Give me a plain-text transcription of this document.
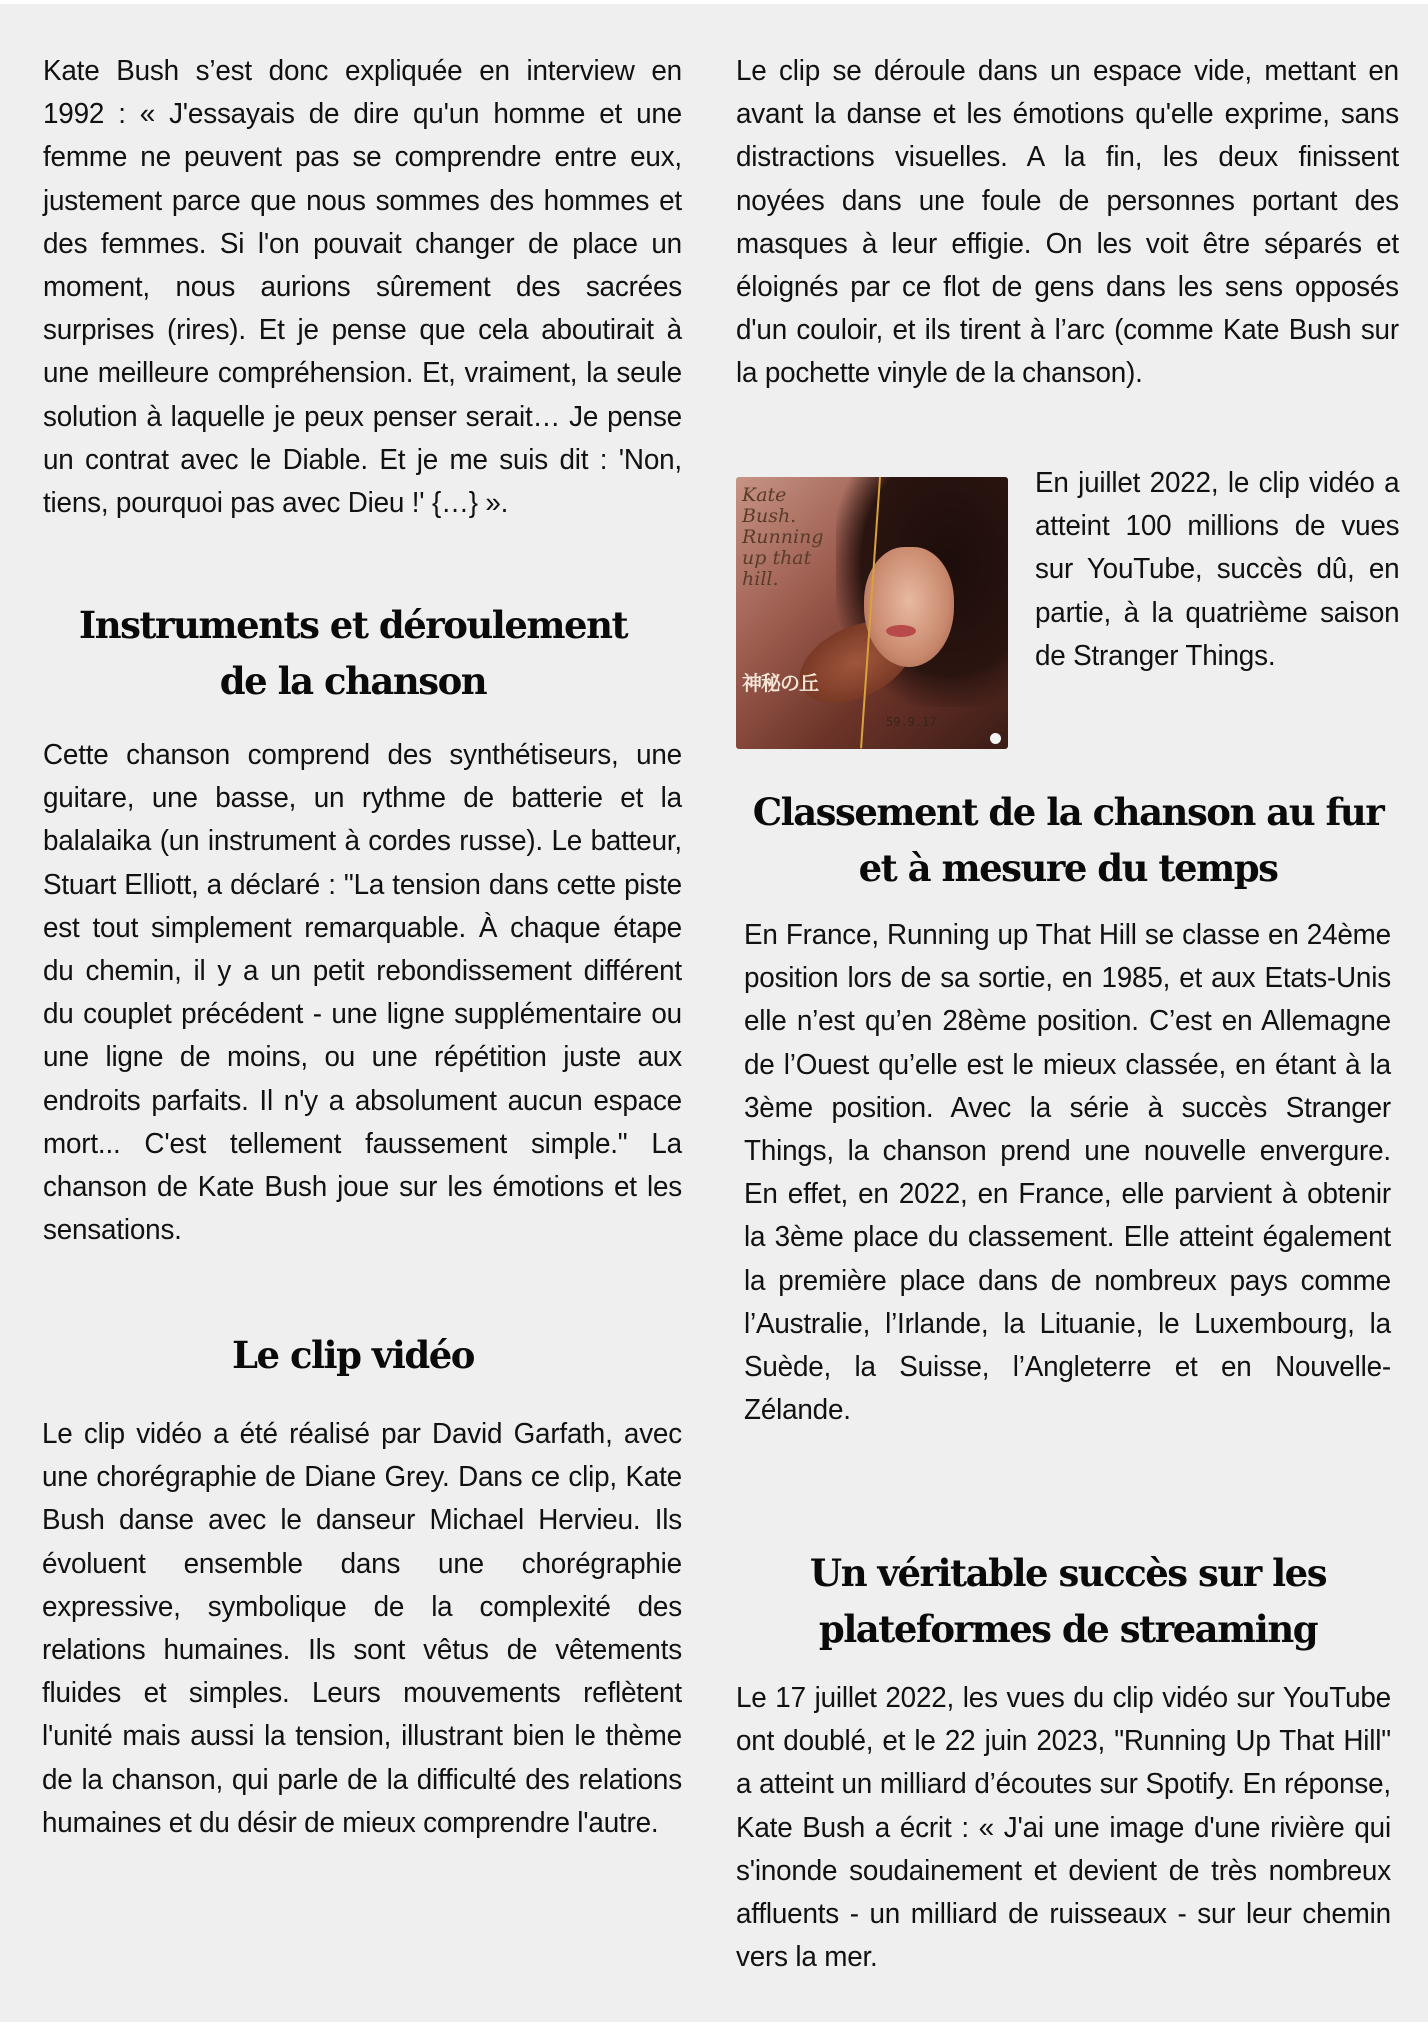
Kate Bush s’est donc expliquée en interview en 1992 : « J'essayais de dire qu'un homme et une femme ne peuvent pas se comprendre entre eux, justement parce que nous sommes des hommes et des femmes. Si l'on pouvait changer de place un moment, nous aurions sûrement des sacrées surprises (rires). Et je pense que cela aboutirait à une meilleure compréhension. Et, vraiment, la seule solution à laquelle je peux penser serait… Je pense un contrat avec le Diable. Et je me suis dit : 'Non, tiens, pourquoi pas avec Dieu !' {…} ».

Instruments et déroulement
de la chanson

Cette chanson comprend des synthétiseurs, une guitare, une basse, un rythme de batterie et la balalaika (un instrument à cordes russe). Le batteur, Stuart Elliott, a déclaré : "La tension dans cette piste est tout simplement remarquable. À chaque étape du chemin, il y a un petit rebondissement différent du couplet précédent - une ligne supplémentaire ou une ligne de moins, ou une répétition juste aux endroits parfaits. Il n'y a absolument aucun espace mort... C'est tellement faussement simple." La chanson de Kate Bush joue sur les émotions et les sensations.

Le clip vidéo

Le clip vidéo a été réalisé par David Garfath, avec une chorégraphie de Diane Grey. Dans ce clip, Kate Bush danse avec le danseur Michael Hervieu. Ils évoluent ensemble dans une chorégraphie expressive, symbolique de la complexité des relations humaines. Ils sont vêtus de vêtements fluides et simples. Leurs mouvements reflètent l'unité mais aussi la tension, illustrant bien le thème de la chanson, qui parle de la difficulté des relations humaines et du désir de mieux comprendre l'autre.

Le clip se déroule dans un espace vide, mettant en avant la danse et les émotions qu'elle exprime, sans distractions visuelles. A la fin, les deux finissent noyées dans une foule de personnes portant des masques à leur effigie. On les voit être séparés et éloignés par ce flot de gens dans les sens opposés d'un couloir, et ils tirent à l’arc (comme Kate Bush sur la pochette vinyle de la chanson).

Kate Bush. Running up that hill.
神秘の丘
59.9.17

En juillet 2022, le clip vidéo a atteint 100 millions de vues sur YouTube, succès dû, en partie, à la quatrième saison de Stranger Things.

Classement de la chanson au fur
et à mesure du temps

En France, Running up That Hill se classe en 24ème position lors de sa sortie, en 1985, et aux Etats-Unis elle n’est qu’en 28ème position. C’est en Allemagne de l’Ouest qu’elle est le mieux classée, en étant à la 3ème position. Avec la série à succès Stranger Things, la chanson prend une nouvelle envergure. En effet, en 2022, en France, elle parvient à obtenir la 3ème place du classement. Elle atteint également la première place dans de nombreux pays comme l’Australie, l’Irlande, la Lituanie, le Luxembourg, la Suède, la Suisse, l’Angleterre et en Nouvelle-Zélande.

Un véritable succès sur les
plateformes de streaming

Le 17 juillet 2022, les vues du clip vidéo sur YouTube ont doublé, et le 22 juin 2023, "Running Up That Hill" a atteint un milliard d’écoutes sur Spotify. En réponse, Kate Bush a écrit : « J'ai une image d'une rivière qui s'inonde soudainement et devient de très nombreux affluents - un milliard de ruisseaux - sur leur chemin vers la mer.
